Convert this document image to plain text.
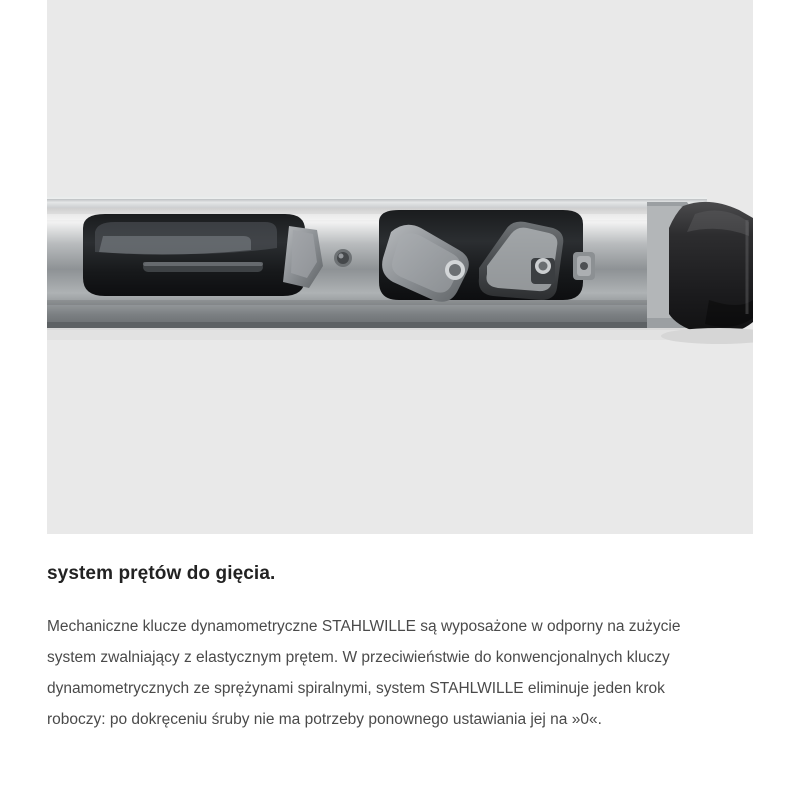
system prętów do gięcia.

Mechaniczne klucze dynamometryczne STAHLWILLE są wyposażone w odporny na zużycie system zwalniający z elastycznym prętem. W przeciwieństwie do konwencjonalnych kluczy dynamometrycznych ze sprężynami spiralnymi, system STAHLWILLE eliminuje jeden krok roboczy: po dokręceniu śruby nie ma potrzeby ponownego ustawiania jej na »0«.
